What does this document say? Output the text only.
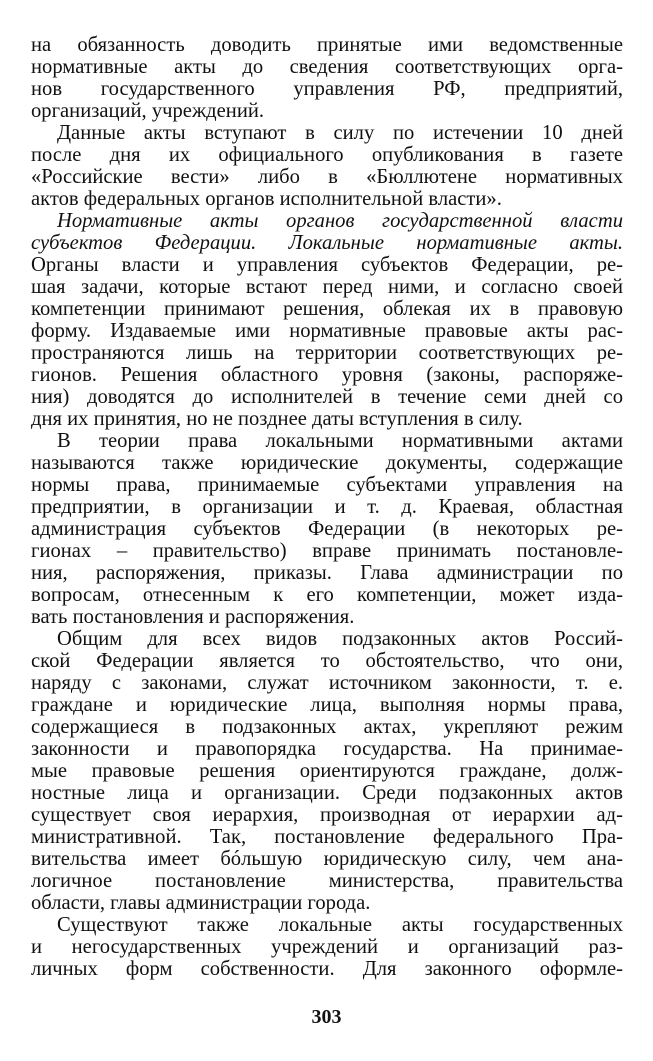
на обязанность доводить принятые ими ведомственные
нормативные акты до сведения соответствующих орга-
нов государственного управления РФ, предприятий,
организаций, учреждений.
Данные акты вступают в силу по истечении 10 дней
после дня их официального опубликования в газете
«Российские вести» либо в «Бюллютене нормативных
актов федеральных органов исполнительной власти».
Нормативные акты органов государственной власти
субъектов Федерации. Локальные нормативные акты.
Органы власти и управления субъектов Федерации, ре-
шая задачи, которые встают перед ними, и согласно своей
компетенции принимают решения, облекая их в правовую
форму. Издаваемые ими нормативные правовые акты рас-
пространяются лишь на территории соответствующих ре-
гионов. Решения областного уровня (законы, распоряже-
ния) доводятся до исполнителей в течение семи дней со
дня их принятия, но не позднее даты вступления в силу.
В теории права локальными нормативными актами
называются также юридические документы, содержащие
нормы права, принимаемые субъектами управления на
предприятии, в организации и т. д. Краевая, областная
администрация субъектов Федерации (в некоторых ре-
гионах – правительство) вправе принимать постановле-
ния, распоряжения, приказы. Глава администрации по
вопросам, отнесенным к его компетенции, может изда-
вать постановления и распоряжения.
Общим для всех видов подзаконных актов Россий-
ской Федерации является то обстоятельство, что они,
наряду с законами, служат источником законности, т. е.
граждане и юридические лица, выполняя нормы права,
содержащиеся в подзаконных актах, укрепляют режим
законности и правопорядка государства. На принимае-
мые правовые решения ориентируются граждане, долж-
ностные лица и организации. Среди подзаконных актов
существует своя иерархия, производная от иерархии ад-
министративной. Так, постановление федерального Пра-
вительства имеет бóльшую юридическую силу, чем ана-
логичное постановление министерства, правительства
области, главы администрации города.
Существуют также локальные акты государственных
и негосударственных учреждений и организаций раз-
личных форм собственности. Для законного оформле-
303
